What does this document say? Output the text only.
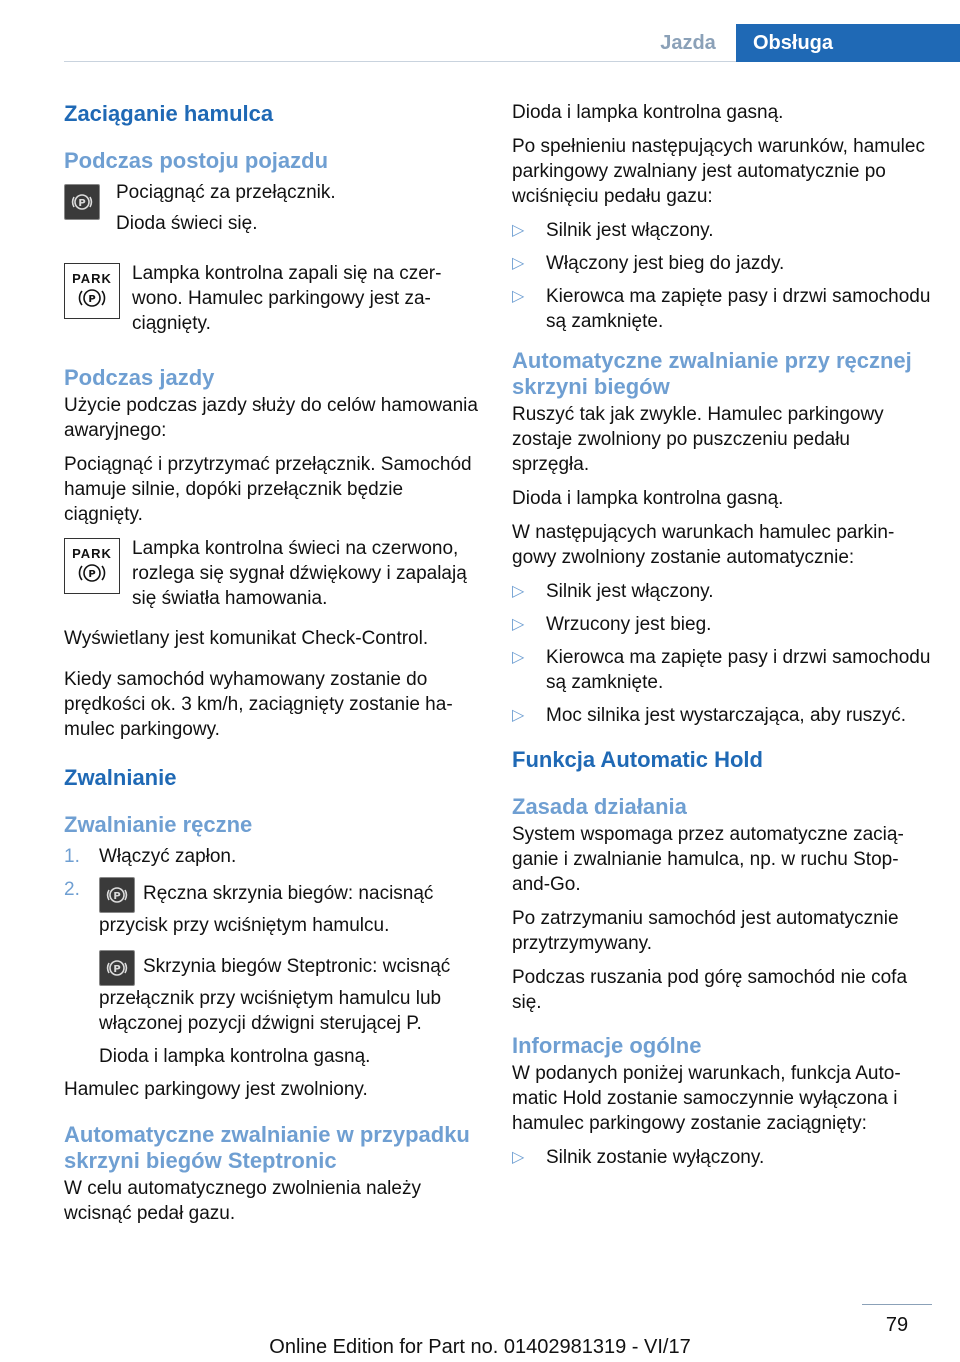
Jazda	Obsługa
Zaciąganie hamulca
Podczas postoju pojazdu
P

Pociągnąć za przełącznik.

Dioda świeci się.

PARK
P

Lampka kontrolna zapali się na czerwono. Hamulec parkingowy jest zaciągnięty.

Podczas jazdy

Użycie podczas jazdy służy do celów hamowania awaryjnego:

Pociągnąć i przytrzymać przełącznik. Samochód hamuje silnie, dopóki przełącznik będzie ciągnięty.

PARK
P

Lampka kontrolna świeci na czerwono, rozlega się sygnał dźwiękowy i zapalają się światła hamowania.

Wyświetlany jest komunikat Check-Control.

Kiedy samochód wyhamowany zostanie do prędkości ok. 3 km/h, zaciągnięty zostanie hamulec parkingowy.

Zwalnianie
Zwalnianie ręczne
1. Włączyć zapłon.
2.	P Ręczna skrzynia biegów: nacisnąć przycisk przy wciśniętym hamulcu.
P Skrzynia biegów Steptronic: wcisnąć przełącznik przy wciśniętym hamulcu lub włączonej pozycji dźwigni sterującej P.
Dioda i lampka kontrolna gasną.

Hamulec parkingowy jest zwolniony.

Automatyczne zwalnianie w przypadku skrzyni biegów Steptronic

W celu automatycznego zwolnienia należy wcisnąć pedał gazu.

Dioda i lampka kontrolna gasną.

Po spełnieniu następujących warunków, hamulec parkingowy zwalniany jest automatycznie po wciśnięciu pedału gazu:

▷ Silnik jest włączony.
▷ Włączony jest bieg do jazdy.
▷ Kierowca ma zapięte pasy i drzwi samochodu są zamknięte.
Automatyczne zwalnianie przy ręcznej skrzyni biegów

Ruszyć tak jak zwykle. Hamulec parkingowy zostaje zwolniony po puszczeniu pedału sprzęgła.

Dioda i lampka kontrolna gasną.

W następujących warunkach hamulec parkingowy zwolniony zostanie automatycznie:

▷ Silnik jest włączony.
▷ Wrzucony jest bieg.
▷ Kierowca ma zapięte pasy i drzwi samochodu są zamknięte.
▷ Moc silnika jest wystarczająca, aby ruszyć.
Funkcja Automatic Hold
Zasada działania

System wspomaga przez automatyczne zaciąganie i zwalnianie hamulca, np. w ruchu Stop-and-Go.

Po zatrzymaniu samochód jest automatycznie przytrzymywany.

Podczas ruszania pod górę samochód nie cofa się.

Informacje ogólne

W podanych poniżej warunkach, funkcja Automatic Hold zostanie samoczynnie wyłączona i hamulec parkingowy zostanie zaciągnięty:

▷ Silnik zostanie wyłączony.
79
Online Edition for Part no. 01402981319 - VI/17
